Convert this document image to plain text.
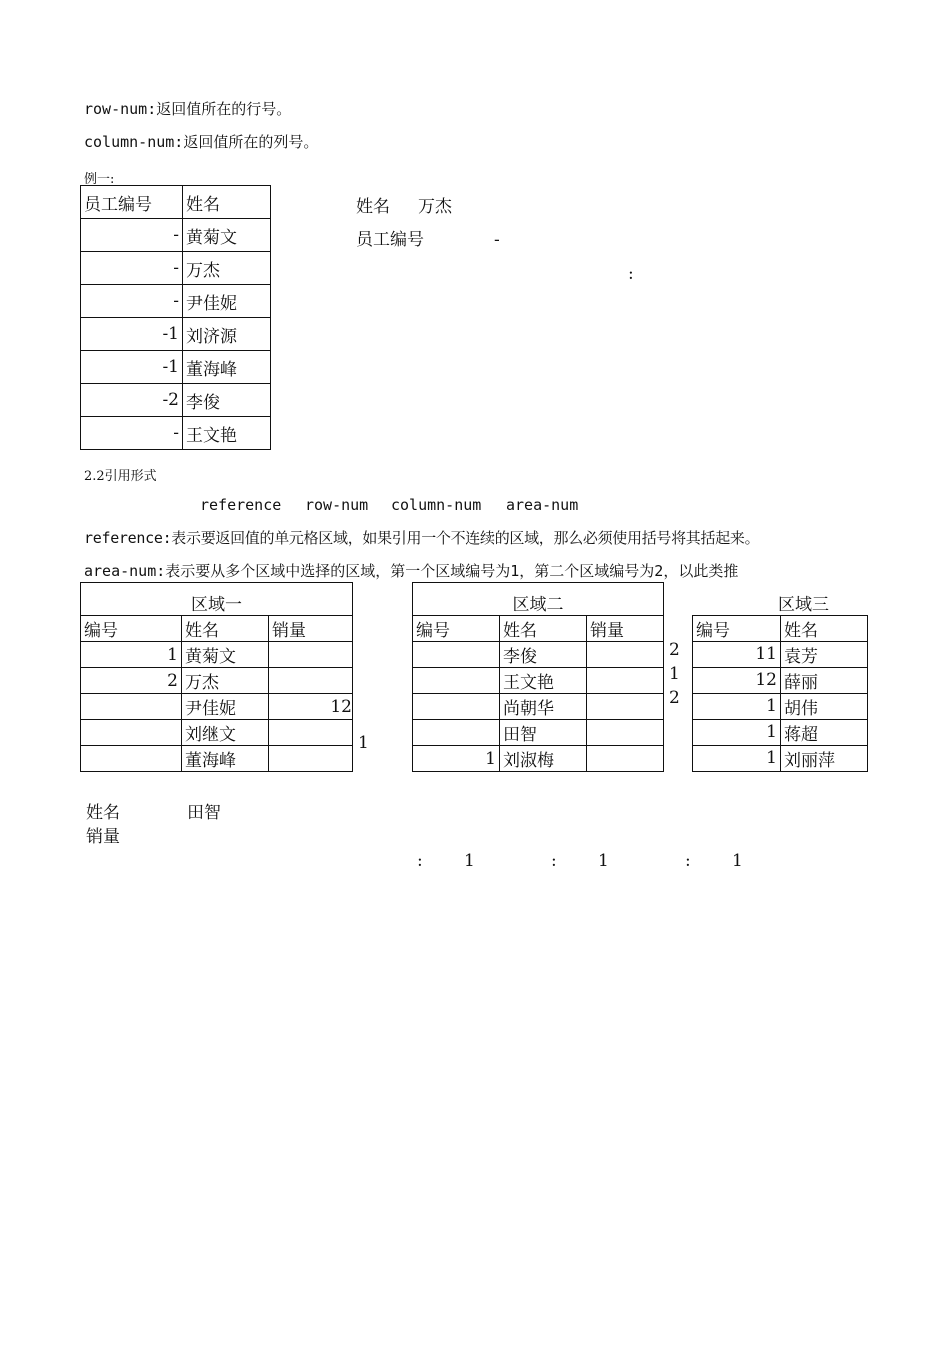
row-num:返回值所在的行号。
column-num:返回值所在的列号。
例一:
员工编号	姓名
-	黄菊文
-	万杰
-	尹佳妮
-1	刘济源
-1	董海峰
-2	李俊
-	王文艳
姓名 万杰
员工编号	-
:
2.2引用形式
reference row-num column-num area-num
reference:表示要返回值的单元格区域，如果引用一个不连续的区域，那么必须使用括号将其括起来。
area-num:表示要从多个区域中选择的区域，第一个区域编号为1，第二个区域编号为2，以此类推
区域一		
编号	姓名	销量
1	黄菊文	
2	万杰	
	尹佳妮	12
	刘继文	
	董海峰	
1
区域二		
编号	姓名	销量
	李俊	
	王文艳	
	尚朝华	
	田智	
1	刘淑梅	
2
1
2
区域三	
编号	姓名
11	袁芳
12	薛丽
1	胡伟
1	蒋超
1	刘丽萍
姓名	田智
销量
: 1	: 1	: 1
